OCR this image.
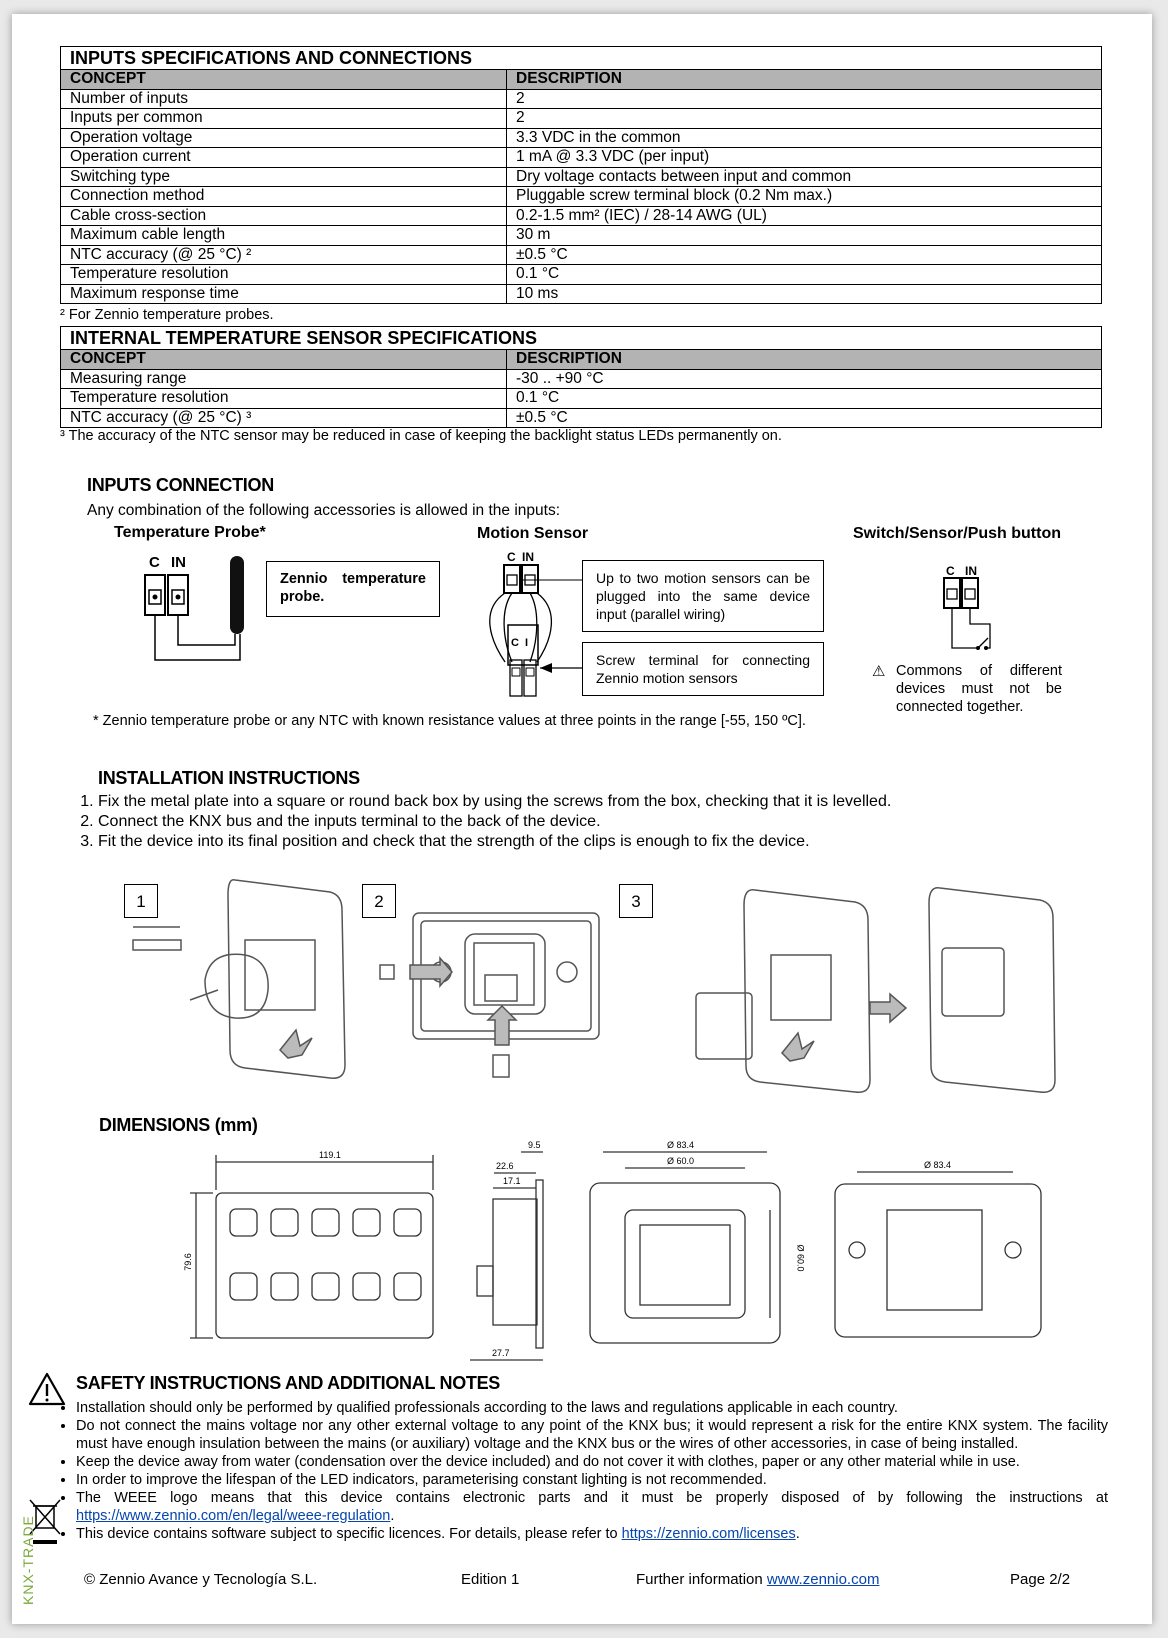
INPUTS SPECIFICATIONS AND CONNECTIONS	
CONCEPT	DESCRIPTION
Number of inputs	2
Inputs per common	2
Operation voltage	3.3 VDC in the common
Operation current	1 mA @ 3.3 VDC (per input)
Switching type	Dry voltage contacts between input and common
Connection method	Pluggable screw terminal block (0.2 Nm max.)
Cable cross-section	0.2-1.5 mm² (IEC) / 28-14 AWG (UL)
Maximum cable length	30 m
NTC accuracy (@ 25 °C) ²	±0.5 °C
Temperature resolution	0.1 °C
Maximum response time	10 ms
² For Zennio temperature probes.
INTERNAL TEMPERATURE SENSOR SPECIFICATIONS	
CONCEPT	DESCRIPTION
Measuring range	-30 .. +90 °C
Temperature resolution	0.1 °C
NTC accuracy (@ 25 °C) ³	±0.5 °C
³ The accuracy of the NTC sensor may be reduced in case of keeping the backlight status LEDs permanently on.
INPUTS CONNECTION
Any combination of the following accessories is allowed in the inputs:
Temperature Probe*	Motion Sensor	Switch/Sensor/Push button
C IN
Zennio temperature probe.
C IN
C I
Up to two motion sensors can be plugged into the same device input (parallel wiring)
Screw terminal for connecting Zennio motion sensors
C IN
⚠ Commons of different devices must not be connected together.
* Zennio temperature probe or any NTC with known resistance values at three points in the range [-55, 150 ºC].
INSTALLATION INSTRUCTIONS
1. Fix the metal plate into a square or round back box by using the screws from the box, checking that it is levelled.
2. Connect the KNX bus and the inputs terminal to the back of the device.
3. Fit the device into its final position and check that the strength of the clips is enough to fix the device.
1	2	3
DIMENSIONS (mm)
119.1
79.6
9.5
22.6
17.1
27.7
Ø 83.4
Ø 60.0
Ø 60.0
Ø 83.4
SAFETY INSTRUCTIONS AND ADDITIONAL NOTES
• Installation should only be performed by qualified professionals according to the laws and regulations applicable in each country.
• Do not connect the mains voltage nor any other external voltage to any point of the KNX bus; it would represent a risk for the entire KNX system. The facility must have enough insulation between the mains (or auxiliary) voltage and the KNX bus or the wires of other accessories, in case of being installed.
• Keep the device away from water (condensation over the device included) and do not cover it with clothes, paper or any other material while in use.
• In order to improve the lifespan of the LED indicators, parameterising constant lighting is not recommended.
• The WEEE logo means that this device contains electronic parts and it must be properly disposed of by following the instructions at https://www.zennio.com/en/legal/weee-regulation.
• This device contains software subject to specific licences. For details, please refer to https://zennio.com/licenses.
© Zennio Avance y Tecnología S.L.	Edition 1	Further information www.zennio.com	Page 2/2
KNX-TRADE
